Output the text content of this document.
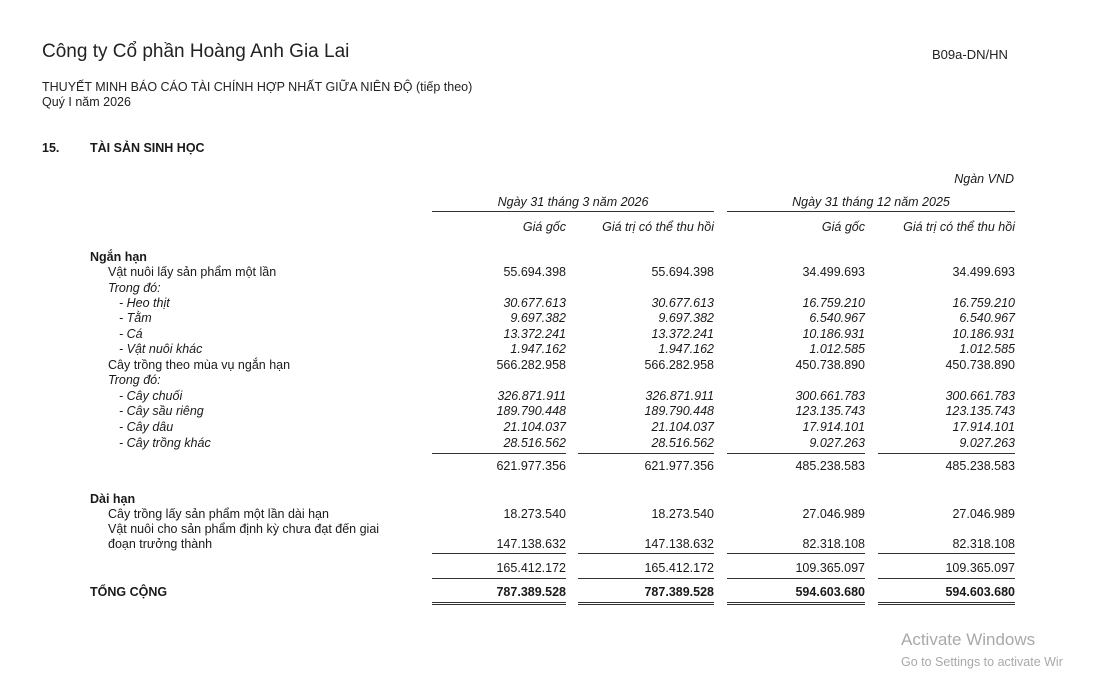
Công ty Cổ phần Hoàng Anh Gia Lai	B09a-DN/HN
THUYẾT MINH BÁO CÁO TÀI CHÍNH HỢP NHẤT GIỮA NIÊN ĐỘ (tiếp theo)
Quý I năm 2026
15. TÀI SẢN SINH HỌC
Ngàn VND
Ngày 31 tháng 3 năm 2026	Ngày 31 tháng 12 năm 2025
Giá gốc	Giá trị có thể thu hồi	Giá gốc	Giá trị có thể thu hồi
Ngắn hạn
Vật nuôi lấy sản phẩm một lần	55.694.398	55.694.398	34.499.693	34.499.693
Trong đó:
- Heo thịt	30.677.613	30.677.613	16.759.210	16.759.210
- Tằm	9.697.382	9.697.382	6.540.967	6.540.967
- Cá	13.372.241	13.372.241	10.186.931	10.186.931
- Vật nuôi khác	1.947.162	1.947.162	1.012.585	1.012.585
Cây trồng theo mùa vụ ngắn hạn	566.282.958	566.282.958	450.738.890	450.738.890
Trong đó:
- Cây chuối	326.871.911	326.871.911	300.661.783	300.661.783
- Cây sầu riêng	189.790.448	189.790.448	123.135.743	123.135.743
- Cây dâu	21.104.037	21.104.037	17.914.101	17.914.101
- Cây trồng khác	28.516.562	28.516.562	9.027.263	9.027.263
621.977.356	621.977.356	485.238.583	485.238.583
Dài hạn
Cây trồng lấy sản phẩm một lần dài hạn	18.273.540	18.273.540	27.046.989	27.046.989
Vật nuôi cho sản phẩm định kỳ chưa đạt đến giai
đoạn trưởng thành	147.138.632	147.138.632	82.318.108	82.318.108
165.412.172	165.412.172	109.365.097	109.365.097
TỔNG CỘNG	787.389.528	787.389.528	594.603.680	594.603.680
Activate Windows
Go to Settings to activate Wir
